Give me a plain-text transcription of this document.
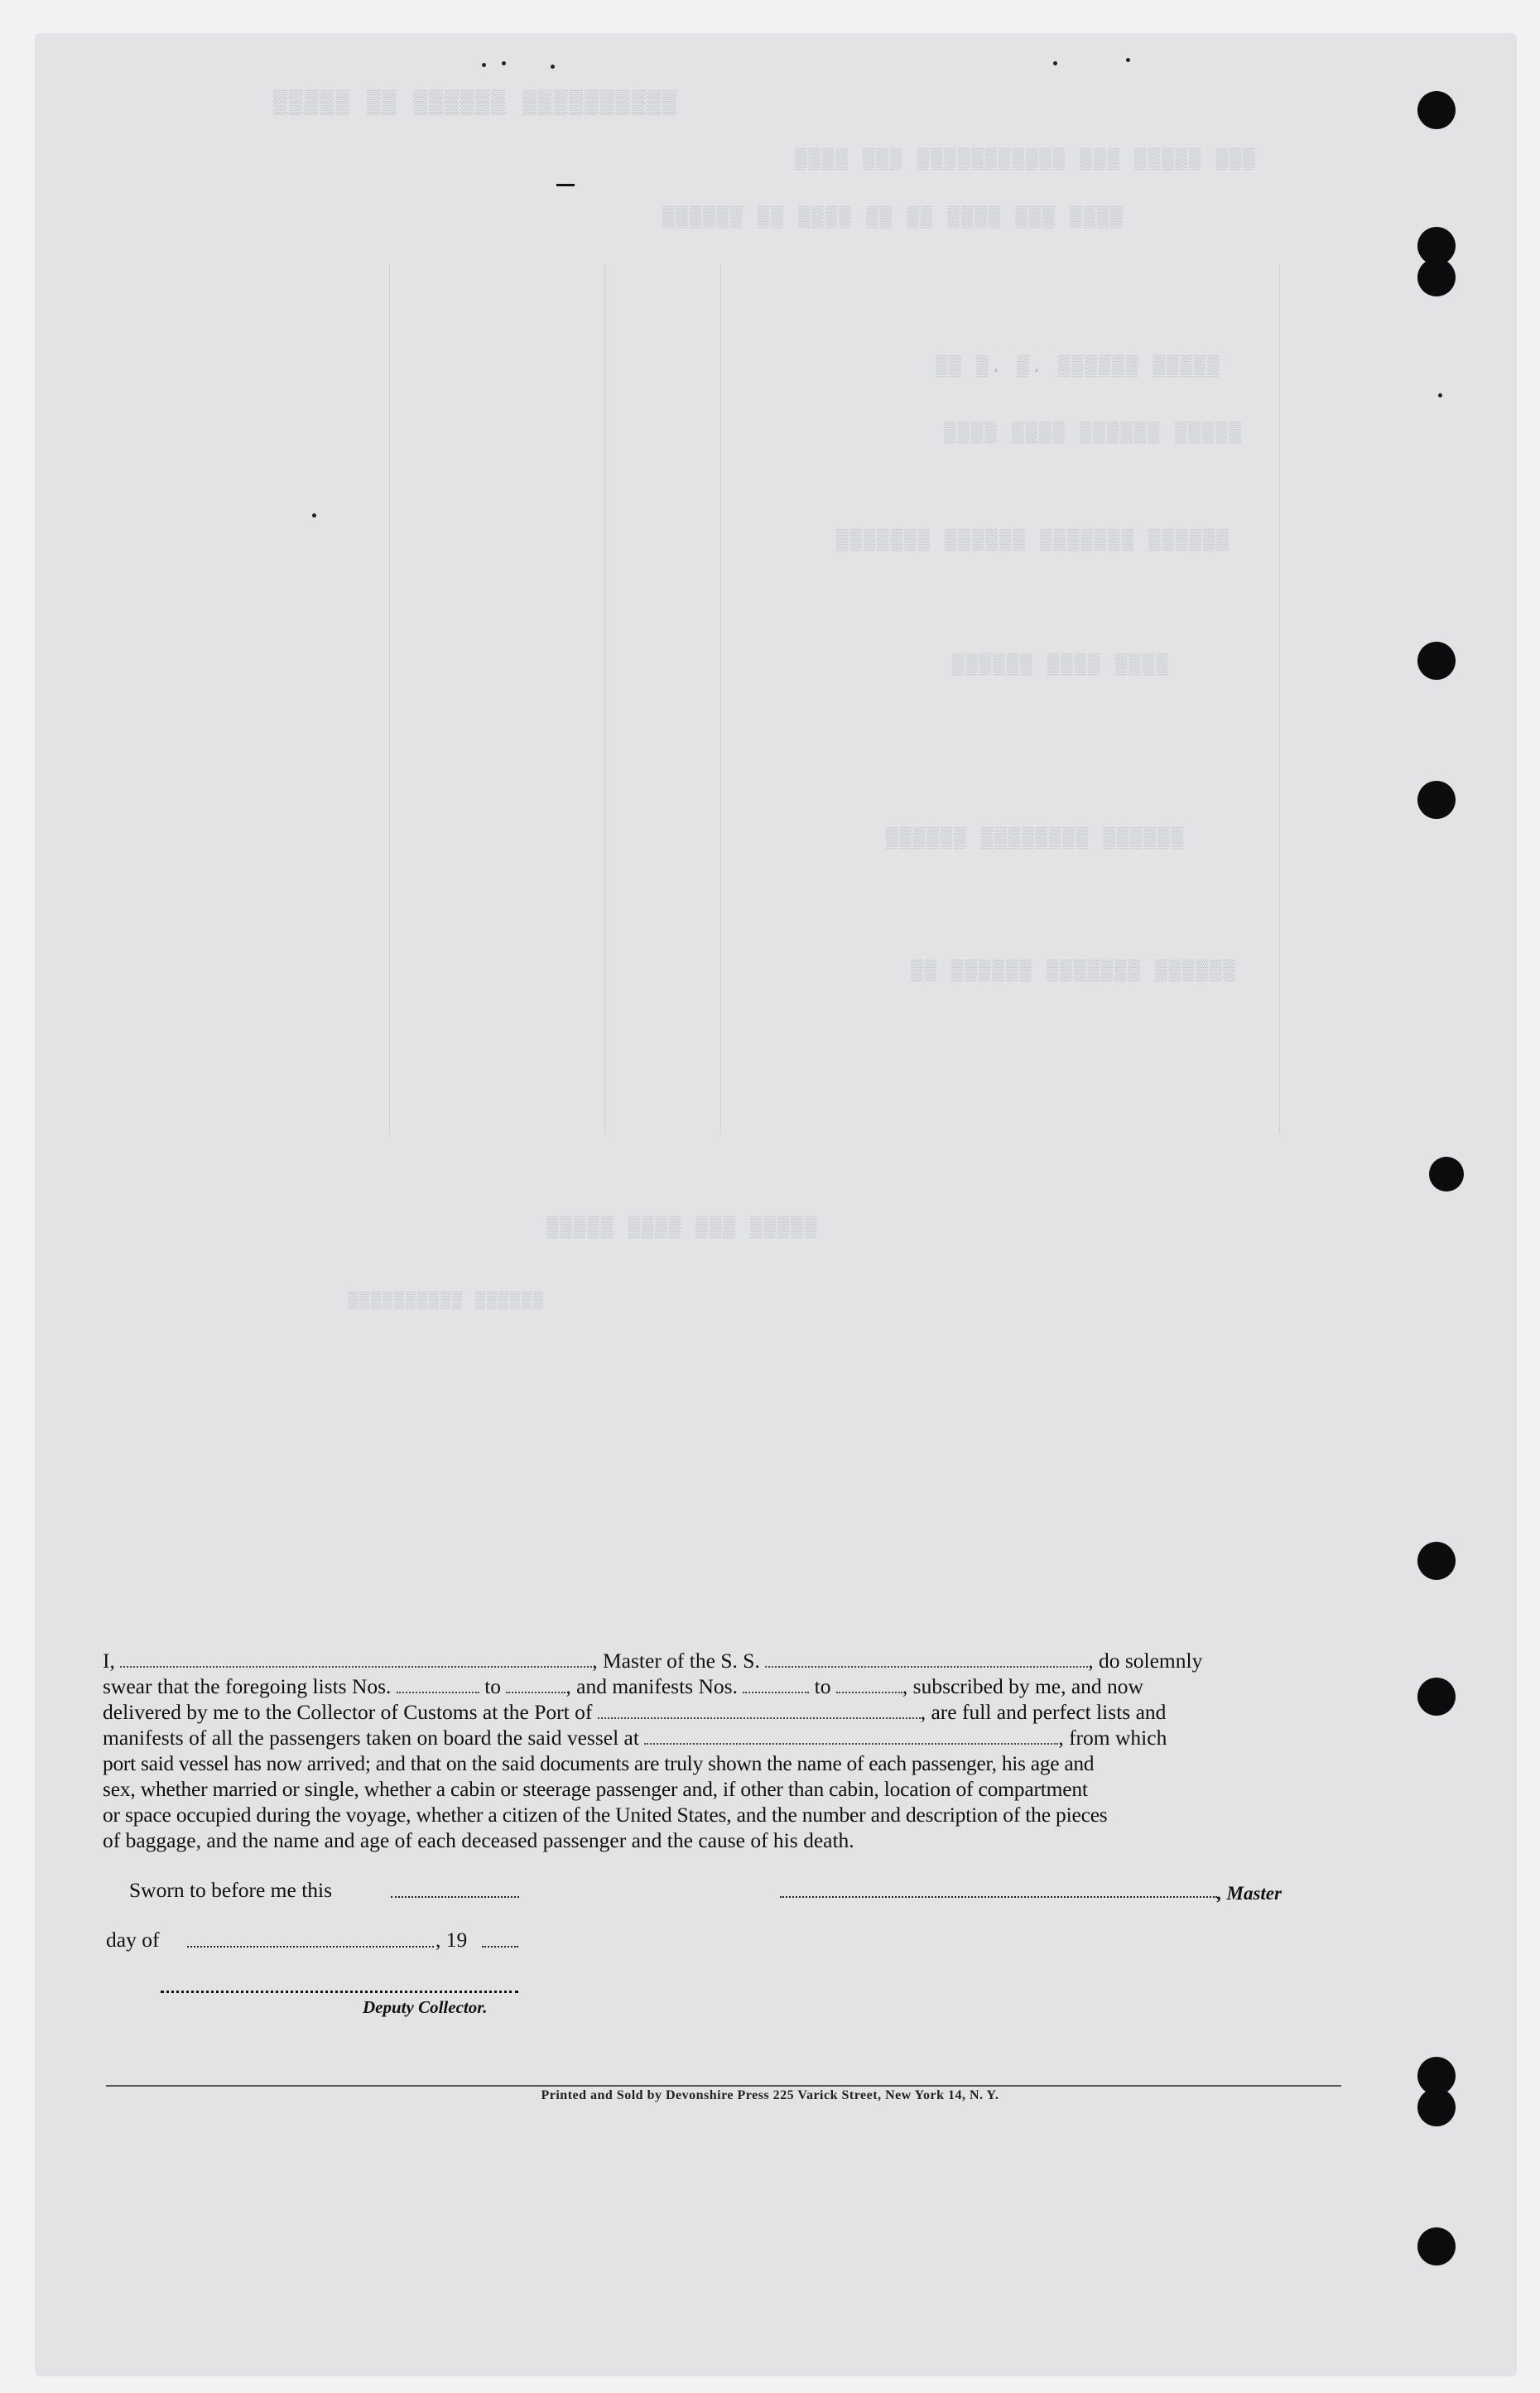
▒▒▒▒▒ ▒▒ ▒▒▒▒▒▒ ▒▒▒▒▒▒▒▒▒▒
▒▒▒▒ ▒▒▒ ▒▒▒▒▒▒▒▒▒▒▒ ▒▒▒ ▒▒▒▒▒ ▒▒▒
▒▒▒▒▒▒ ▒▒ ▒▒▒▒ ▒▒ ▒▒ ▒▒▒▒ ▒▒▒ ▒▒▒▒
▒▒ ▒. ▒. ▒▒▒▒▒▒ ▒▒▒▒▒
▒▒▒▒ ▒▒▒▒ ▒▒▒▒▒▒ ▒▒▒▒▒
▒▒▒▒▒▒▒ ▒▒▒▒▒▒ ▒▒▒▒▒▒▒ ▒▒▒▒▒▒
▒▒▒▒▒▒ ▒▒▒▒ ▒▒▒▒
▒▒▒▒▒▒ ▒▒▒▒▒▒▒▒ ▒▒▒▒▒▒
▒▒ ▒▒▒▒▒▒ ▒▒▒▒▒▒▒ ▒▒▒▒▒▒
▒▒▒▒▒ ▒▒▒▒ ▒▒▒ ▒▒▒▒▒
▒▒▒▒▒▒▒▒▒▒ ▒▒▒▒▒▒
I,	, Master of the S. S.	, do solemnly
swear that the foregoing lists Nos.	to	, and manifests Nos.	to	, subscribed by me, and now
delivered by me to the Collector of Customs at the Port of	, are full and perfect lists and
manifests of all the passengers taken on board the said vessel at	, from which
port said vessel has now arrived; and that on the said documents are truly shown the name of each passenger, his age and
sex, whether married or single, whether a cabin or steerage passenger and, if other than cabin, location of compartment
or space occupied during the voyage, whether a citizen of the United States, and the number and description of the pieces
of baggage, and the name and age of each deceased passenger and the cause of his death.
Sworn to before me this	, Master
day of	, 19
Deputy Collector.
Printed and Sold by Devonshire Press 225 Varick Street, New York 14, N. Y.
